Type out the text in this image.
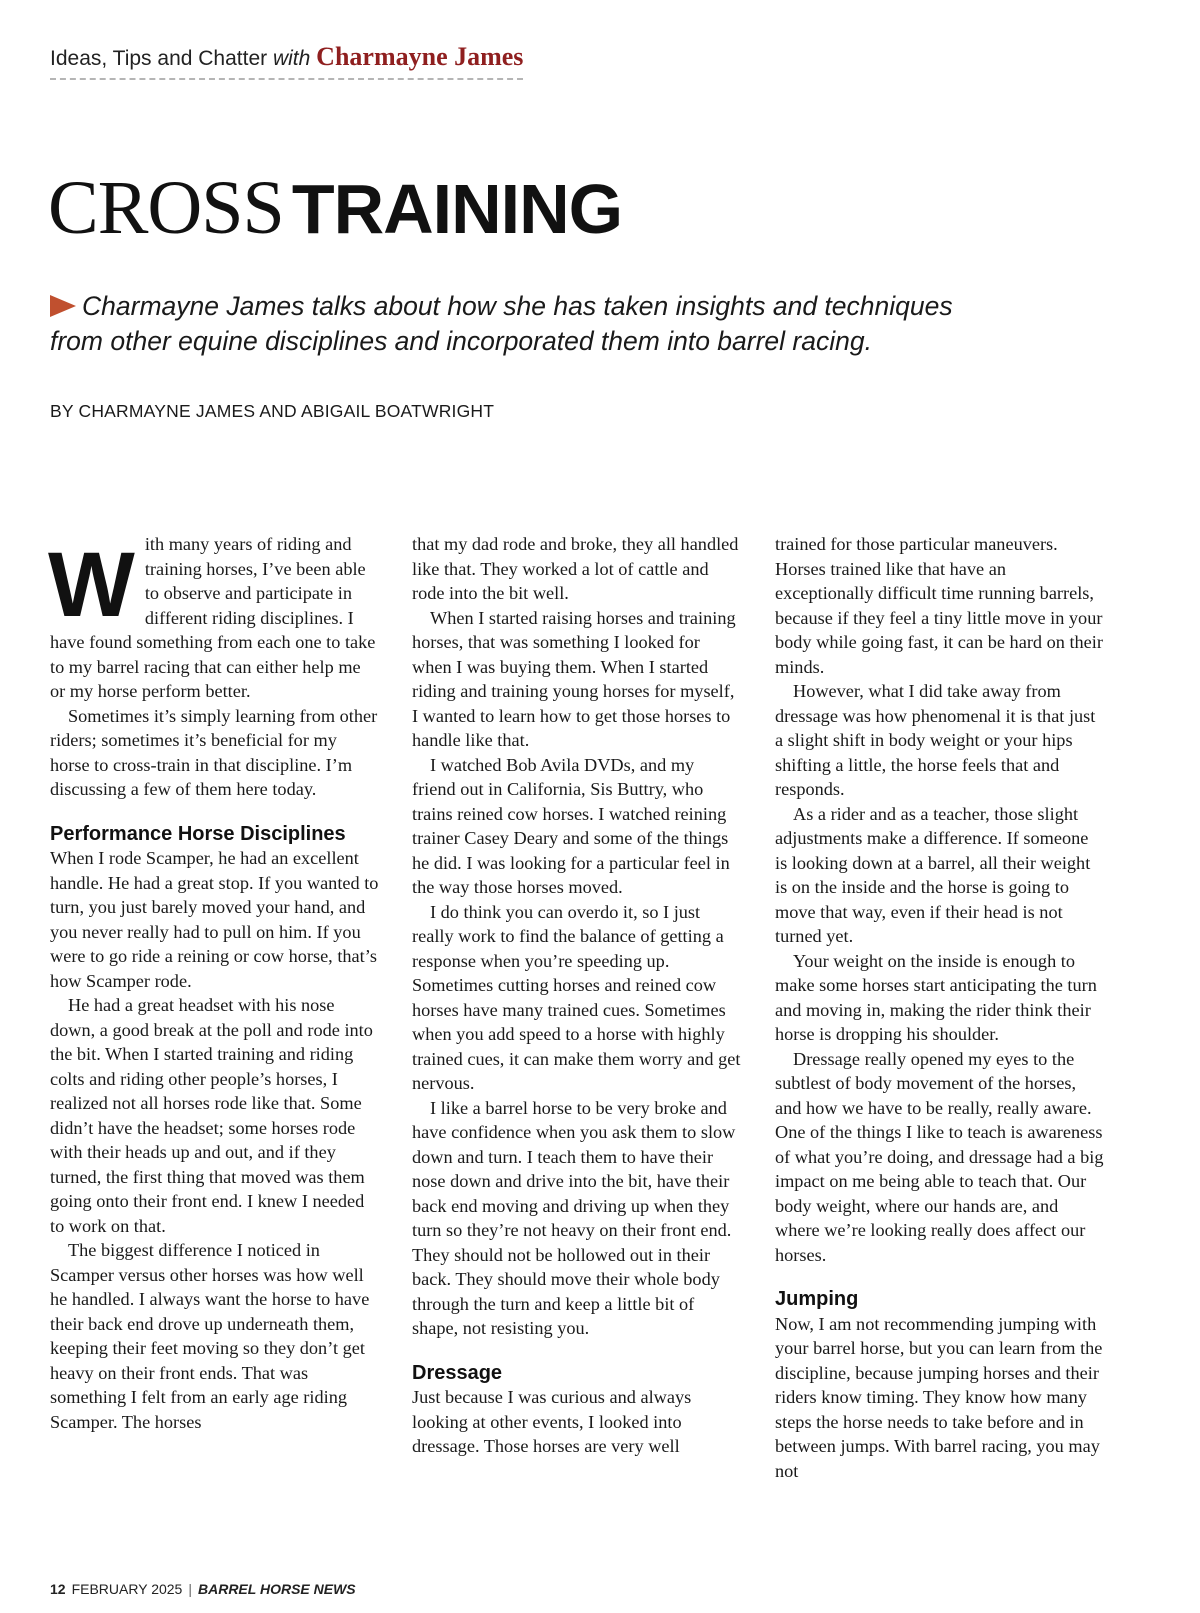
Ideas, Tips and Chatter with Charmayne James
CROSS TRAINING

Charmayne James talks about how she has taken insights and techniques from other equine disciplines and incorporated them into barrel racing.

BY CHARMAYNE JAMES AND ABIGAIL BOATWRIGHT

With many years of riding and training horses, I’ve been able to observe and participate in different riding disciplines. I have found something from each one to take to my barrel racing that can either help me or my horse perform better.

Sometimes it’s simply learning from other riders; sometimes it’s beneficial for my horse to cross-train in that discipline. I’m discussing a few of them here today.

Performance Horse Disciplines

When I rode Scamper, he had an excellent handle. He had a great stop. If you wanted to turn, you just barely moved your hand, and you never really had to pull on him. If you were to go ride a reining or cow horse, that’s how Scamper rode.

He had a great headset with his nose down, a good break at the poll and rode into the bit. When I started training and riding colts and riding other people’s horses, I realized not all horses rode like that. Some didn’t have the headset; some horses rode with their heads up and out, and if they turned, the first thing that moved was them going onto their front end. I knew I needed to work on that.

The biggest difference I noticed in Scamper versus other horses was how well he handled. I always want the horse to have their back end drove up underneath them, keeping their feet moving so they don’t get heavy on their front ends. That was something I felt from an early age riding Scamper. The horses

that my dad rode and broke, they all handled like that. They worked a lot of cattle and rode into the bit well.

When I started raising horses and training horses, that was something I looked for when I was buying them. When I started riding and training young horses for myself, I wanted to learn how to get those horses to handle like that.

I watched Bob Avila DVDs, and my friend out in California, Sis Buttry, who trains reined cow horses. I watched reining trainer Casey Deary and some of the things he did. I was looking for a particular feel in the way those horses moved.

I do think you can overdo it, so I just really work to find the balance of getting a response when you’re speeding up. Sometimes cutting horses and reined cow horses have many trained cues. Sometimes when you add speed to a horse with highly trained cues, it can make them worry and get nervous.

I like a barrel horse to be very broke and have confidence when you ask them to slow down and turn. I teach them to have their nose down and drive into the bit, have their back end moving and driving up when they turn so they’re not heavy on their front end. They should not be hollowed out in their back. They should move their whole body through the turn and keep a little bit of shape, not resisting you.

Dressage

Just because I was curious and always looking at other events, I looked into dressage. Those horses are very well

trained for those particular maneuvers. Horses trained like that have an exceptionally difficult time running barrels, because if they feel a tiny little move in your body while going fast, it can be hard on their minds.

However, what I did take away from dressage was how phenomenal it is that just a slight shift in body weight or your hips shifting a little, the horse feels that and responds.

As a rider and as a teacher, those slight adjustments make a difference. If someone is looking down at a barrel, all their weight is on the inside and the horse is going to move that way, even if their head is not turned yet.

Your weight on the inside is enough to make some horses start anticipating the turn and moving in, making the rider think their horse is dropping his shoulder.

Dressage really opened my eyes to the subtlest of body movement of the horses, and how we have to be really, really aware. One of the things I like to teach is awareness of what you’re doing, and dressage had a big impact on me being able to teach that. Our body weight, where our hands are, and where we’re looking really does affect our horses.

Jumping

Now, I am not recommending jumping with your barrel horse, but you can learn from the discipline, because jumping horses and their riders know timing. They know how many steps the horse needs to take before and in between jumps. With barrel racing, you may not

12 FEBRUARY 2025 | BARREL HORSE NEWS
